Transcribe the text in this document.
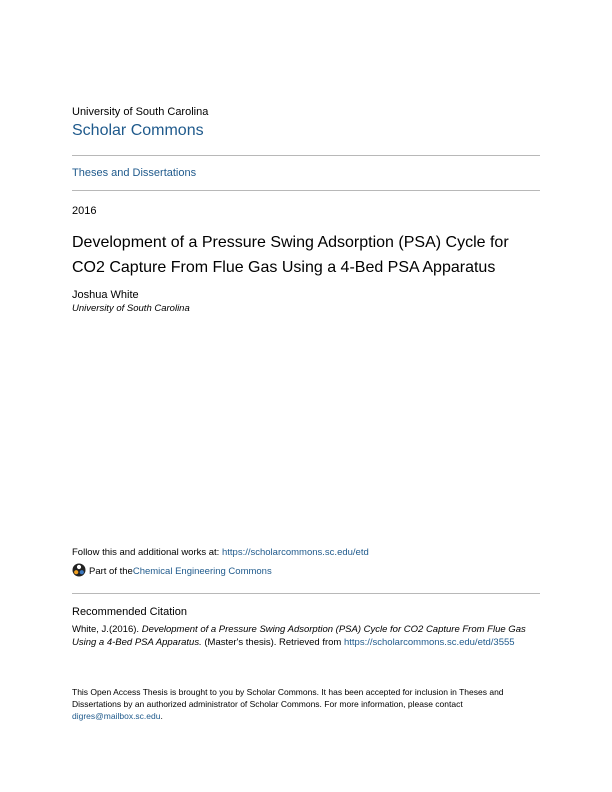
University of South Carolina
Scholar Commons
Theses and Dissertations
2016
Development of a Pressure Swing Adsorption (PSA) Cycle for CO2 Capture From Flue Gas Using a 4-Bed PSA Apparatus
Joshua White
University of South Carolina
Follow this and additional works at: https://scholarcommons.sc.edu/etd
Part of the Chemical Engineering Commons
Recommended Citation
White, J.(2016). Development of a Pressure Swing Adsorption (PSA) Cycle for CO2 Capture From Flue Gas Using a 4-Bed PSA Apparatus. (Master's thesis). Retrieved from https://scholarcommons.sc.edu/etd/3555
This Open Access Thesis is brought to you by Scholar Commons. It has been accepted for inclusion in Theses and Dissertations by an authorized administrator of Scholar Commons. For more information, please contact digres@mailbox.sc.edu.
